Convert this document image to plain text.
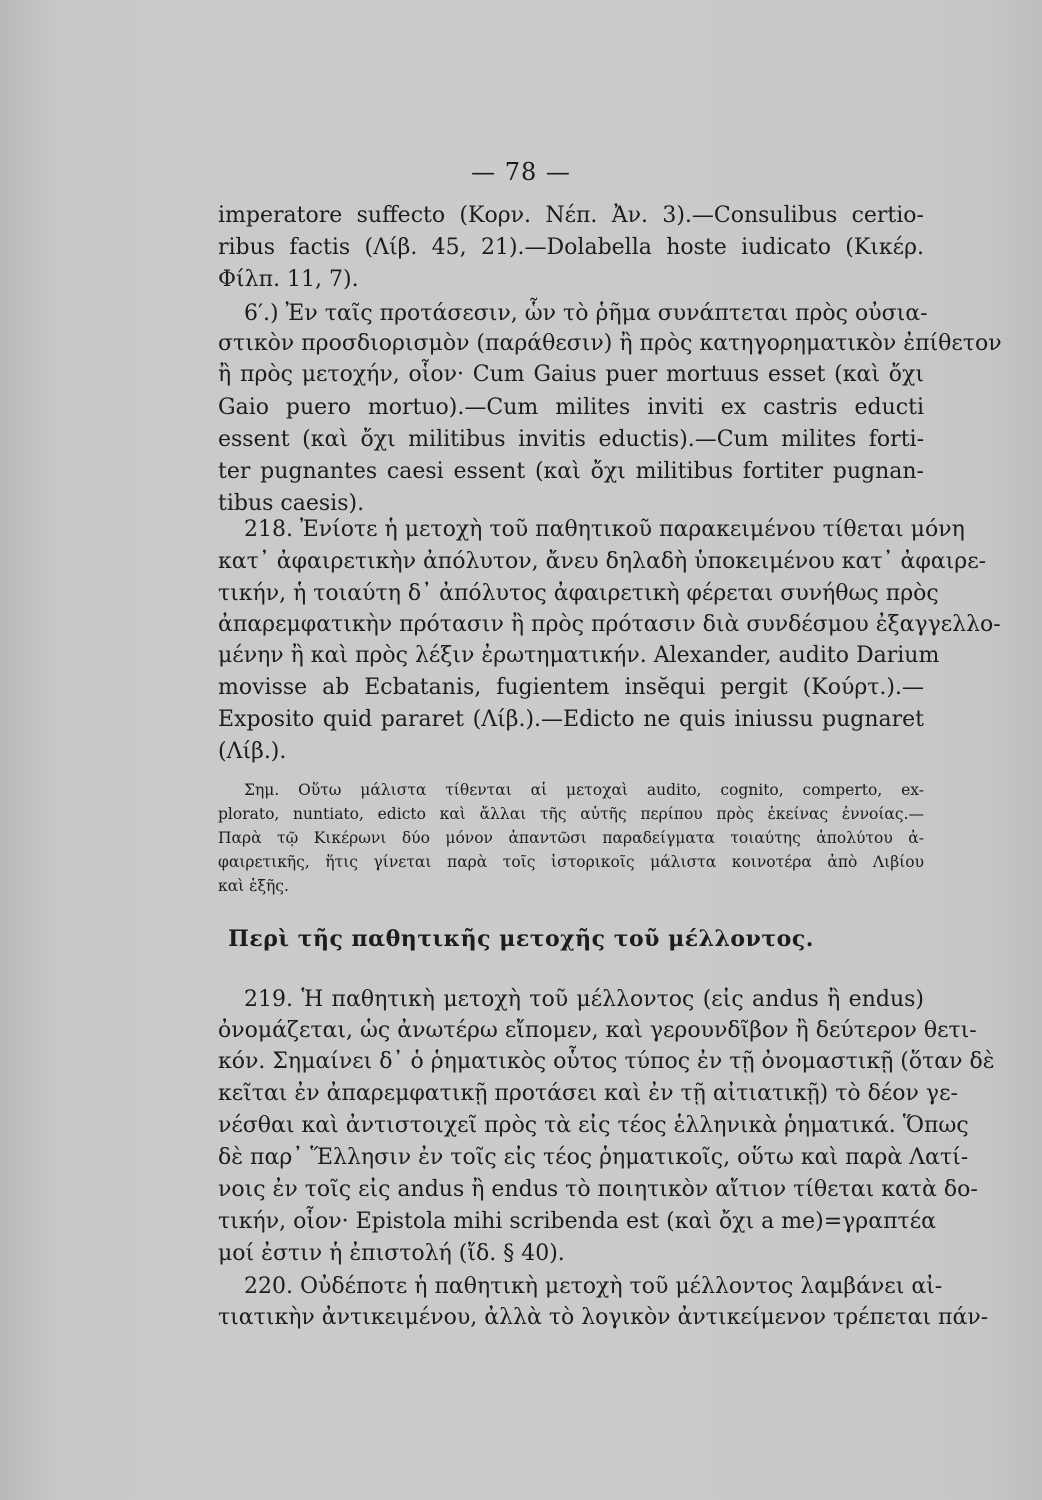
— 78 —
imperatore suffecto (Κορν. Νέπ. Ἀν. 3).—Consulibus certio-
ribus factis (Λίβ. 45, 21).—Dolabella hoste iudicato (Κικέρ.
Φίλπ. 11, 7).
6′.) Ἐν ταῖς προτάσεσιν, ὧν τὸ ῥῆμα συνάπτεται πρὸς οὐσια-
στικὸν προσδιορισμὸν (παράθεσιν) ἢ πρὸς κατηγορηματικὸν ἐπίθετον
ἢ πρὸς μετοχήν, οἷον· Cum Gaius puer mortuus esset (καὶ ὄχι
Gaio puero mortuo).—Cum milites inviti ex castris educti
essent (καὶ ὄχι militibus invitis eductis).—Cum milites forti-
ter pugnantes caesi essent (καὶ ὄχι militibus fortiter pugnan-
tibus caesis).
218. Ἐνίοτε ἡ μετοχὴ τοῦ παθητικοῦ παρακειμένου τίθεται μόνη
κατ᾽ ἀφαιρετικὴν ἀπόλυτον, ἄνευ δηλαδὴ ὑποκειμένου κατ᾽ ἀφαιρε-
τικήν, ἡ τοιαύτη δ᾽ ἀπόλυτος ἀφαιρετικὴ φέρεται συνήθως πρὸς
ἀπαρεμφατικὴν πρότασιν ἢ πρὸς πρότασιν διὰ συνδέσμου ἐξαγγελλο-
μένην ἢ καὶ πρὸς λέξιν ἐρωτηματικήν. Alexander, audito Darium
movisse ab Ecbatanis, fugientem insĕqui pergit (Κούρτ.).—
Exposito quid pararet (Λίβ.).—Edicto ne quis iniussu pugnaret
(Λίβ.).
Σημ. Οὕτω μάλιστα τίθενται αἱ μετοχαὶ audito, cognito, comperto, ex-
plorato, nuntiato, edicto καὶ ἄλλαι τῆς αὐτῆς περίπου πρὸς ἐκείνας ἐννοίας.—
Παρὰ τῷ Κικέρωνι δύο μόνον ἀπαντῶσι παραδείγματα τοιαύτης ἀπολύτου ἀ-
φαιρετικῆς, ἥτις γίνεται παρὰ τοῖς ἱστορικοῖς μάλιστα κοινοτέρα ἀπὸ Λιβίου
καὶ ἑξῆς.
Περὶ τῆς παθητικῆς μετοχῆς τοῦ μέλλοντος.
219. Ἡ παθητικὴ μετοχὴ τοῦ μέλλοντος (εἰς andus ἢ endus)
ὀνομάζεται, ὡς ἀνωτέρω εἴπομεν, καὶ γερουνδῖβον ἢ δεύτερον θετι-
κόν. Σημαίνει δ᾽ ὁ ῥηματικὸς οὗτος τύπος ἐν τῇ ὀνομαστικῇ (ὅταν δὲ
κεῖται ἐν ἀπαρεμφατικῇ προτάσει καὶ ἐν τῇ αἰτιατικῇ) τὸ δέον γε-
νέσθαι καὶ ἀντιστοιχεῖ πρὸς τὰ εἰς τέος ἑλληνικὰ ῥηματικά. Ὅπως
δὲ παρ᾽ Ἕλλησιν ἐν τοῖς εἰς τέος ῥηματικοῖς, οὕτω καὶ παρὰ Λατί-
νοις ἐν τοῖς εἰς andus ἢ endus τὸ ποιητικὸν αἴτιον τίθεται κατὰ δο-
τικήν, οἷον· Epistola mihi scribenda est (καὶ ὄχι a me)=γραπτέα
μοί ἐστιν ἡ ἐπιστολή (ἴδ. § 40).
220. Οὐδέποτε ἡ παθητικὴ μετοχὴ τοῦ μέλλοντος λαμβάνει αἰ-
τιατικὴν ἀντικειμένου, ἀλλὰ τὸ λογικὸν ἀντικείμενον τρέπεται πάν-
